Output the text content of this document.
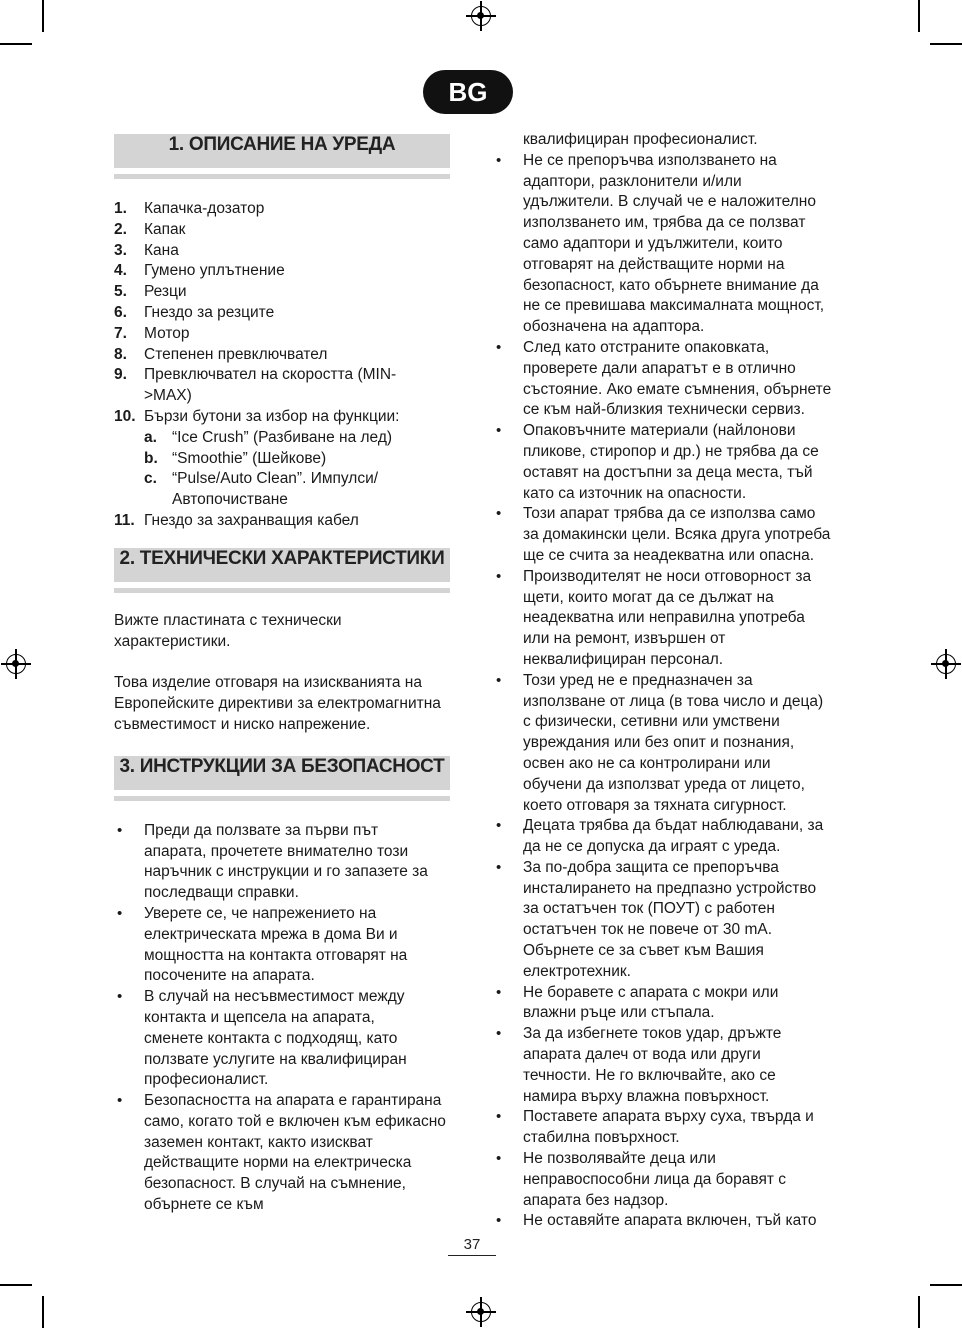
BG
1. ОПИСАНИЕ НА УРЕДА
1. Капачка-дозатор
2. Капак
3. Кана
4. Гумено уплътнение
5. Резци
6. Гнездо за резците
7. Мотор
8. Степенен превключвател
9. Превключвател на скоростта (MIN->MAX)
10. Бързи бутони за избор на функции:
a. “Ice Crush” (Разбиване на лед)
b. “Smoothie” (Шейкове)
c. “Pulse/Auto Clean”. Импулси/ Автопочистване
11. Гнездо за захранващия кабел
2. ТЕХНИЧЕСКИ ХАРАКТЕРИСТИКИ

Вижте пластината с технически характеристики.

Това изделие отговаря на изискванията на Европейските директиви за електромагнитна съвместимост и ниско напрежение.

3. ИНСТРУКЦИИ ЗА БЕЗОПАСНОСТ
• Преди да ползвате за първи път апарата, прочетете внимателно този наръчник с инструкции и го запазете за последващи справки.
• Уверете се, че напрежението на електрическата мрежа в дома Ви и мощността на контакта отговарят на посочените на апарата.
• В случай на несъвместимост между контакта и щепсела на апарата, сменете контакта с подходящ, като ползвате услугите на квалифициран професионалист.
• Безопасността на апарата е гарантирана само, когато той е включен към ефикасно заземен контакт, както изискват действащите норми на електрическа безопасност. В случай на съмнение, обърнете се към

квалифициран професионалист.

• Не се препоръчва използването на адаптори, разклонители и/или удължители. В случай че е наложително използването им, трябва да се ползват само адаптори и удължители, които отговарят на действащите норми на безопасност, като обърнете внимание да не се превишава максималната мощност, обозначена на адаптора.
• След като отстраните опаковката, проверете дали апаратът е в отлично състояние. Ако емате съмнения, обърнете се към най-близкия технически сервиз.
• Опаковъчните материали (найлонови пликове, стиропор и др.) не трябва да се оставят на достъпни за деца места, тъй като са източник на опасности.
• Този апарат трябва да се използва само за домакински цели. Всяка друга употреба ще се счита за неадекватна или опасна.
• Производителят не носи отговорност за щети, които могат да се дължат на неадекватна или неправилна употреба или на ремонт, извършен от неквалифициран персонал.
• Този уред не е предназначен за използване от лица (в това число и деца) с физически, сетивни или умствени увреждания или без опит и познания, освен ако не са контролирани или обучени да използват уреда от лицето, което отговаря за тяхната сигурност.
• Децата трябва да бъдат наблюдавани, за да не се допуска да играят с уреда.
• За по-добра защита се препоръчва инсталирането на предпазно устройство за остатъчен ток (ПОУТ) с работен остатъчен ток не повече от 30 mA. Обърнете се за съвет към Вашия електротехник.
• Не боравете с апарата с мокри или влажни ръце или стъпала.
• За да избегнете токов удар, дръжте апарата далеч от вода или други течности. Не го включвайте, ако се намира върху влажна повърхност.
• Поставете апарата върху суха, твърда и стабилна повърхност.
• Не позволявайте деца или неправоспособни лица да боравят с апарата без надзор.
• Не оставяйте апарата включен, тъй като
37
